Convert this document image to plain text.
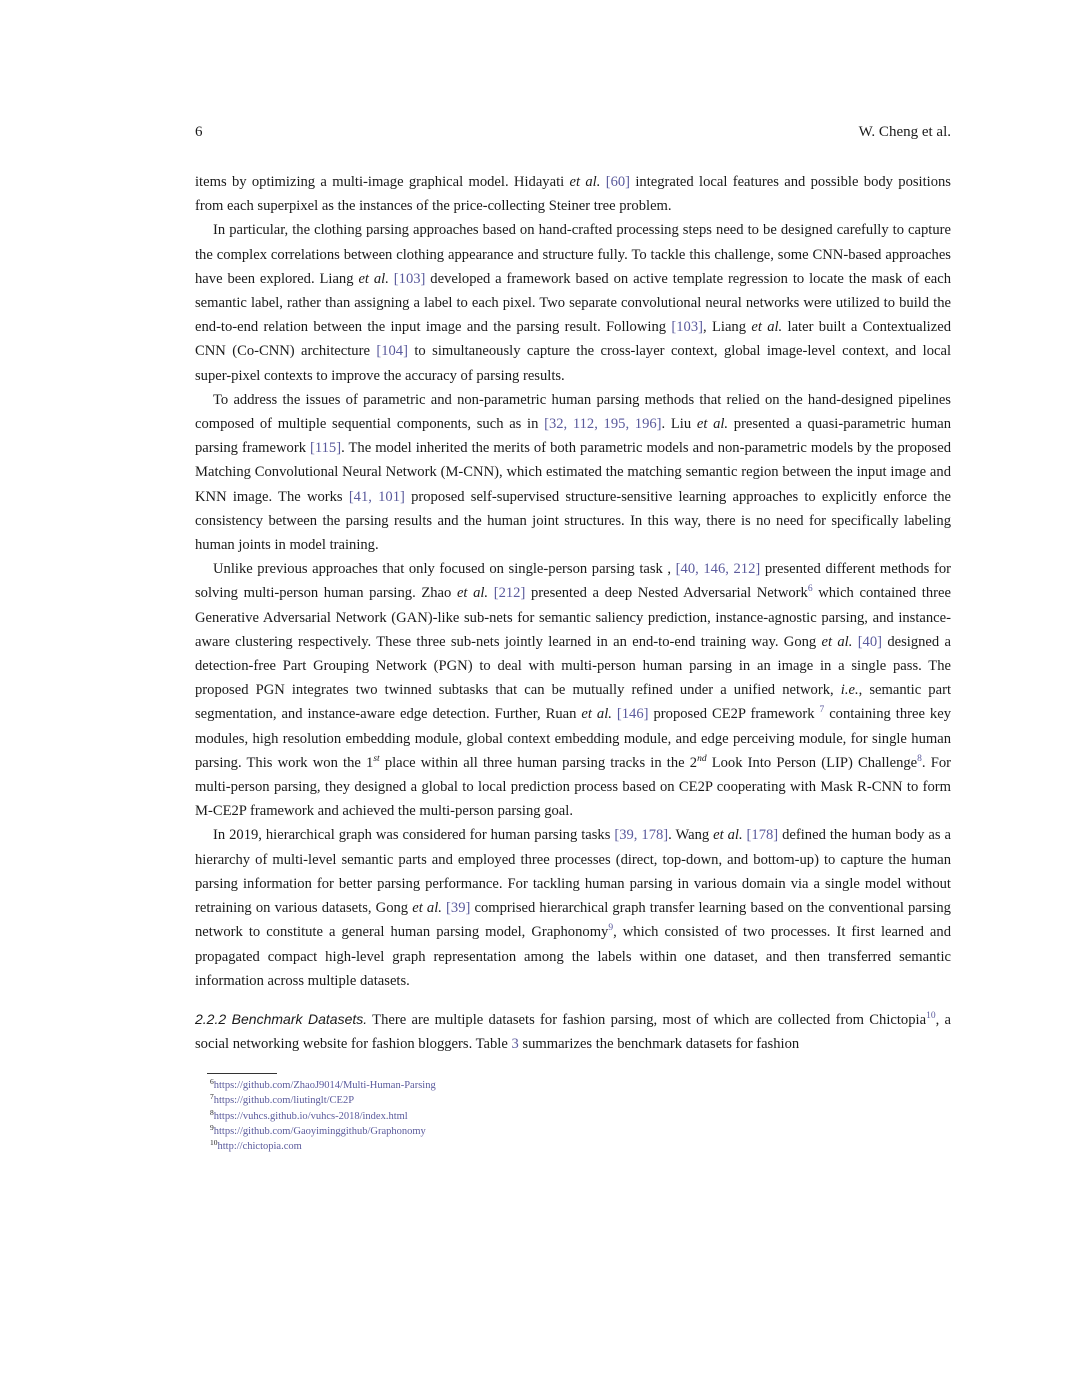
6	W. Cheng et al.

items by optimizing a multi-image graphical model. Hidayati et al. [60] integrated local features and possible body positions from each superpixel as the instances of the price-collecting Steiner tree problem.

In particular, the clothing parsing approaches based on hand-crafted processing steps need to be designed carefully to capture the complex correlations between clothing appearance and structure fully. To tackle this challenge, some CNN-based approaches have been explored. Liang et al. [103] developed a framework based on active template regression to locate the mask of each semantic label, rather than assigning a label to each pixel. Two separate convolutional neural networks were utilized to build the end-to-end relation between the input image and the parsing result. Following [103], Liang et al. later built a Contextualized CNN (Co-CNN) architecture [104] to simultaneously capture the cross-layer context, global image-level context, and local super-pixel contexts to improve the accuracy of parsing results.

To address the issues of parametric and non-parametric human parsing methods that relied on the hand-designed pipelines composed of multiple sequential components, such as in [32, 112, 195, 196]. Liu et al. presented a quasi-parametric human parsing framework [115]. The model inherited the merits of both parametric models and non-parametric models by the proposed Matching Convolutional Neural Network (M-CNN), which estimated the matching semantic region between the input image and KNN image. The works [41, 101] proposed self-supervised structure-sensitive learning approaches to explicitly enforce the consistency between the parsing results and the human joint structures. In this way, there is no need for specifically labeling human joints in model training.

Unlike previous approaches that only focused on single-person parsing task , [40, 146, 212] presented different methods for solving multi-person human parsing. Zhao et al. [212] presented a deep Nested Adversarial Network$^6$ which contained three Generative Adversarial Network (GAN)-like sub-nets for semantic saliency prediction, instance-agnostic parsing, and instance-aware clustering respectively. These three sub-nets jointly learned in an end-to-end training way. Gong et al. [40] designed a detection-free Part Grouping Network (PGN) to deal with multi-person human parsing in an image in a single pass. The proposed PGN integrates two twinned subtasks that can be mutually refined under a unified network, i.e., semantic part segmentation, and instance-aware edge detection. Further, Ruan et al. [146] proposed CE2P framework $^7$ containing three key modules, high resolution embedding module, global context embedding module, and edge perceiving module, for single human parsing. This work won the 1st place within all three human parsing tracks in the 2nd Look Into Person (LIP) Challenge$^8$. For multi-person parsing, they designed a global to local prediction process based on CE2P cooperating with Mask R-CNN to form M-CE2P framework and achieved the multi-person parsing goal.

In 2019, hierarchical graph was considered for human parsing tasks [39, 178]. Wang et al. [178] defined the human body as a hierarchy of multi-level semantic parts and employed three processes (direct, top-down, and bottom-up) to capture the human parsing information for better parsing performance. For tackling human parsing in various domain via a single model without retraining on various datasets, Gong et al. [39] comprised hierarchical graph transfer learning based on the conventional parsing network to constitute a general human parsing model, Graphonomy$^9$, which consisted of two processes. It first learned and propagated compact high-level graph representation among the labels within one dataset, and then transferred semantic information across multiple datasets.

2.2.2 Benchmark Datasets. There are multiple datasets for fashion parsing, most of which are collected from Chictopia$^{10}$, a social networking website for fashion bloggers. Table 3 summarizes the benchmark datasets for fashion

$^6$https://github.com/ZhaoJ9014/Multi-Human-Parsing
$^7$https://github.com/liutinglt/CE2P
$^8$https://vuhcs.github.io/vuhcs-2018/index.html
$^9$https://github.com/Gaoyiminggithub/Graphonomy
$^{10}$http://chictopia.com
